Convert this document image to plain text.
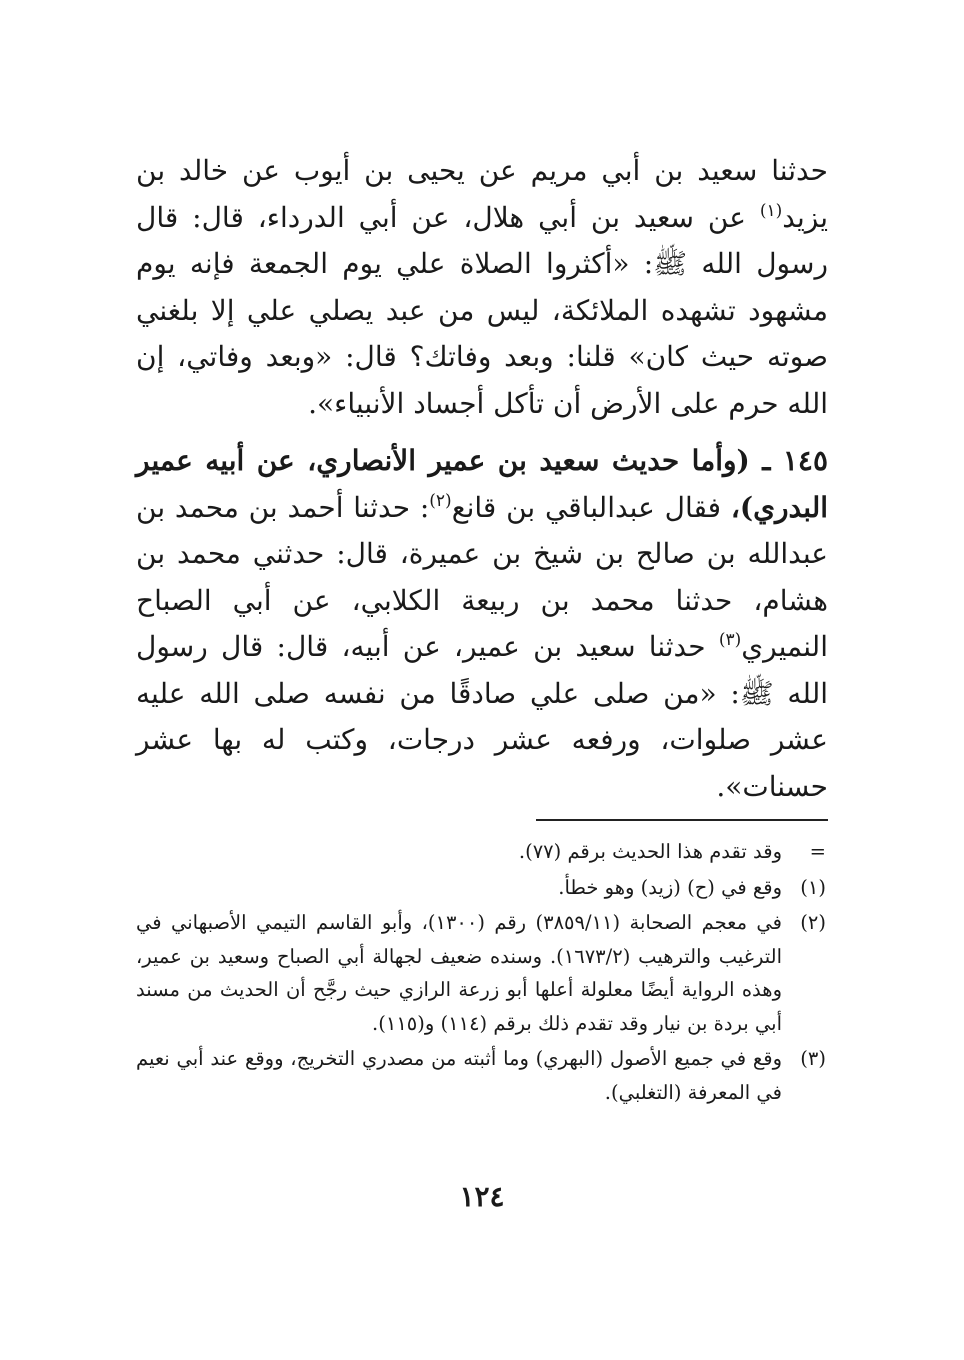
حدثنا سعيد بن أبي مريم عن يحيى بن أيوب عن خالد بن يزيد$^{(١)}$ عن سعيد بن أبي هلال، عن أبي الدرداء، قال: قال رسول الله ﷺ: «أكثروا الصلاة علي يوم الجمعة فإنه يوم مشهود تشهده الملائكة، ليس من عبد يصلي علي إلا بلغني صوته حيث كان» قلنا: وبعد وفاتك؟ قال: «وبعد وفاتي، إن الله حرم على الأرض أن تأكل أجساد الأنبياء».

١٤٥ ـ (وأما حديث سعيد بن عمير الأنصاري، عن أبيه عمير البدري)، فقال عبدالباقي بن قانع$^{(٢)}$: حدثنا أحمد بن محمد بن عبدالله بن صالح بن شيخ بن عميرة، قال: حدثني محمد بن هشام، حدثنا محمد بن ربيعة الكلابي، عن أبي الصباح النميري$^{(٣)}$ حدثنا سعيد بن عمير، عن أبيه، قال: قال رسول الله ﷺ: «من صلى علي صادقًا من نفسه صلى الله عليه عشر صلوات، ورفعه عشر درجات، وكتب له بها عشر حسنات».

=
وقد تقدم هذا الحديث برقم (٧٧).
(١)
وقع في (ح) (زيد) وهو خطأ.
(٢)
في معجم الصحابة (٣٨٥٩/١١) رقم (١٣٠٠)، وأبو القاسم التيمي الأصبهاني في الترغيب والترهيب (١٦٧٣/٢). وسنده ضعيف لجهالة أبي الصباح وسعيد بن عمير، وهذه الرواية أيضًا معلولة أعلها أبو زرعة الرازي حيث رجَّح أن الحديث من مسند أبي بردة بن نيار وقد تقدم ذلك برقم (١١٤) و(١١٥).
(٣)
وقع في جميع الأصول (البهري) وما أثبته من مصدري التخريج، ووقع عند أبي نعيم في المعرفة (التغلبي).
١٢٤
